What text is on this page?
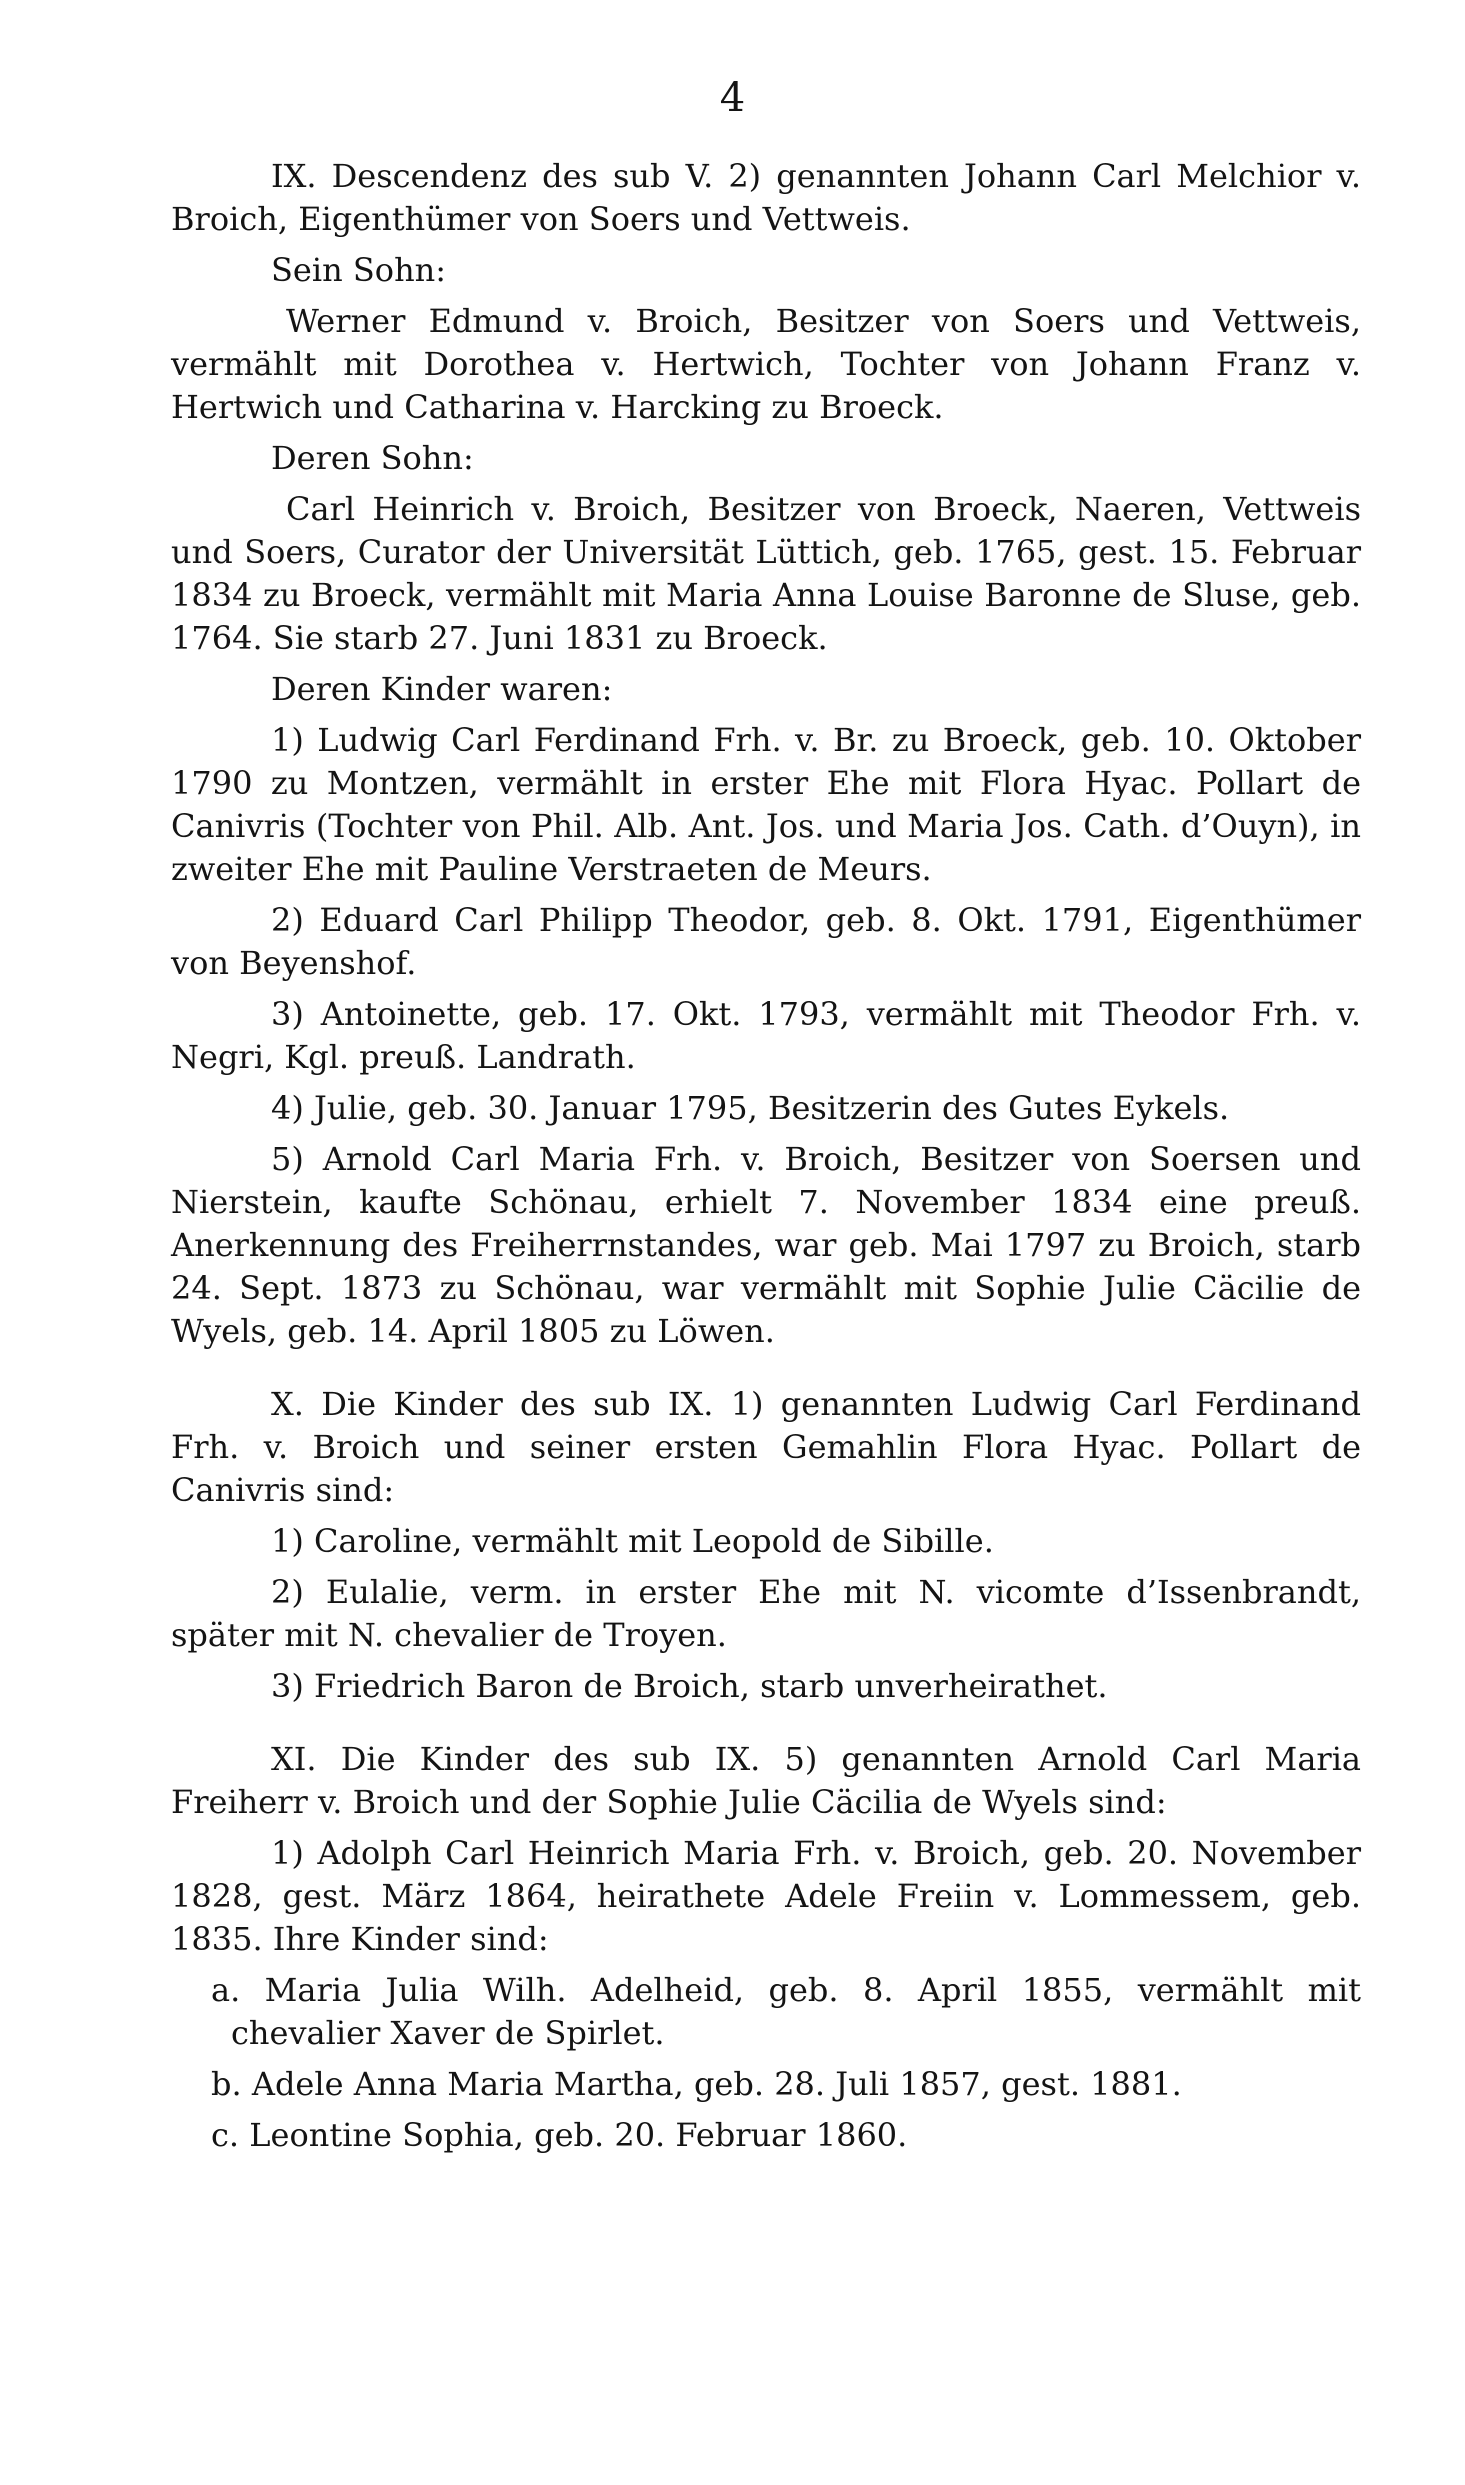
4

IX. Descendenz des sub V. 2) genannten Johann Carl Melchior v. Broich, Eigenthümer von Soers und Vettweis.

Sein Sohn:

Werner Edmund v. Broich, Besitzer von Soers und Vettweis, vermählt mit Dorothea v. Hertwich, Tochter von Johann Franz v. Hertwich und Catharina v. Harcking zu Broeck.

Deren Sohn:

Carl Heinrich v. Broich, Besitzer von Broeck, Naeren, Vettweis und Soers, Curator der Universität Lüttich, geb. 1765, gest. 15. Februar 1834 zu Broeck, vermählt mit Maria Anna Louise Baronne de Sluse, geb. 1764. Sie starb 27. Juni 1831 zu Broeck.

Deren Kinder waren:

1) Ludwig Carl Ferdinand Frh. v. Br. zu Broeck, geb. 10. Oktober 1790 zu Montzen, vermählt in erster Ehe mit Flora Hyac. Pollart de Canivris (Tochter von Phil. Alb. Ant. Jos. und Maria Jos. Cath. d’Ouyn), in zweiter Ehe mit Pauline Verstraeten de Meurs.

2) Eduard Carl Philipp Theodor, geb. 8. Okt. 1791, Eigenthümer von Beyenshof.

3) Antoinette, geb. 17. Okt. 1793, vermählt mit Theodor Frh. v. Negri, Kgl. preuß. Landrath.

4) Julie, geb. 30. Januar 1795, Besitzerin des Gutes Eykels.

5) Arnold Carl Maria Frh. v. Broich, Besitzer von Soersen und Nierstein, kaufte Schönau, erhielt 7. November 1834 eine preuß. Anerkennung des Freiherrnstandes, war geb. Mai 1797 zu Broich, starb 24. Sept. 1873 zu Schönau, war vermählt mit Sophie Julie Cäcilie de Wyels, geb. 14. April 1805 zu Löwen.

X. Die Kinder des sub IX. 1) genannten Ludwig Carl Ferdinand Frh. v. Broich und seiner ersten Gemahlin Flora Hyac. Pollart de Canivris sind:

1) Caroline, vermählt mit Leopold de Sibille.

2) Eulalie, verm. in erster Ehe mit N. vicomte d’Issenbrandt, später mit N. chevalier de Troyen.

3) Friedrich Baron de Broich, starb unverheirathet.

XI. Die Kinder des sub IX. 5) genannten Arnold Carl Maria Freiherr v. Broich und der Sophie Julie Cäcilia de Wyels sind:

1) Adolph Carl Heinrich Maria Frh. v. Broich, geb. 20. November 1828, gest. März 1864, heirathete Adele Freiin v. Lommessem, geb. 1835. Ihre Kinder sind:

a. Maria Julia Wilh. Adelheid, geb. 8. April 1855, vermählt mit chevalier Xaver de Spirlet.

b. Adele Anna Maria Martha, geb. 28. Juli 1857, gest. 1881.

c. Leontine Sophia, geb. 20. Februar 1860.
